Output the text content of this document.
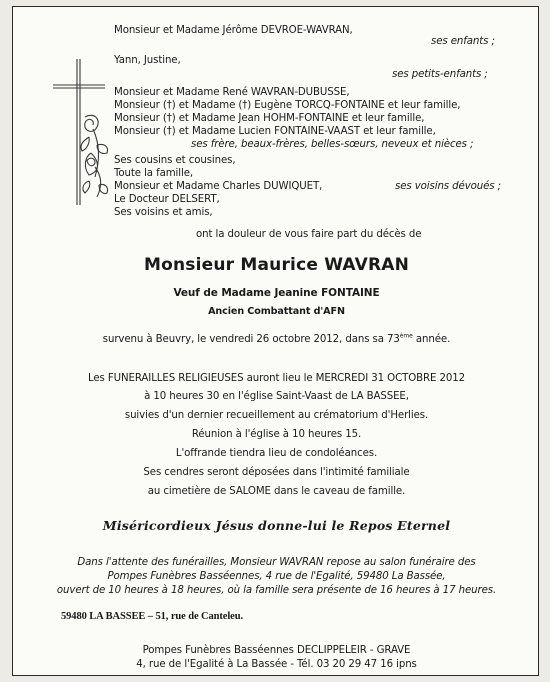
Monsieur et Madame Jérôme DEVROE-WAVRAN,
ses enfants ;
Yann, Justine,
ses petits-enfants ;
Monsieur et Madame René WAVRAN-DUBUSSE,
Monsieur (†) et Madame (†) Eugène TORCQ-FONTAINE et leur famille,
Monsieur (†) et Madame Jean HOHM-FONTAINE et leur famille,
Monsieur (†) et Madame Lucien FONTAINE-VAAST et leur famille,
ses frère, beaux-frères, belles-sœurs, neveux et nièces ;
Ses cousins et cousines,
Toute la famille,
Monsieur et Madame Charles DUWIQUET,	ses voisins dévoués ;
Le Docteur DELSERT,
Ses voisins et amis,
ont la douleur de vous faire part du décès de
Monsieur Maurice WAVRAN
Veuf de Madame Jeanine FONTAINE
Ancien Combattant d'AFN
survenu à Beuvry, le vendredi 26 octobre 2012, dans sa 73ème année.
Les FUNERAILLES RELIGIEUSES auront lieu le MERCREDI 31 OCTOBRE 2012
à 10 heures 30 en l'église Saint-Vaast de LA BASSEE,
suivies d'un dernier recueillement au crématorium d'Herlies.
Réunion à l'église à 10 heures 15.
L'offrande tiendra lieu de condoléances.
Ses cendres seront déposées dans l'intimité familiale
au cimetière de SALOME dans le caveau de famille.
Miséricordieux Jésus donne-lui le Repos Eternel
Dans l'attente des funérailles, Monsieur WAVRAN repose au salon funéraire des
Pompes Funèbres Basséennes, 4 rue de l'Egalité, 59480 La Bassée,
ouvert de 10 heures à 18 heures, où la famille sera présente de 16 heures à 17 heures.
59480 LA BASSEE – 51, rue de Canteleu.
Pompes Funèbres Basséennes DECLIPPELEIR - GRAVE
4, rue de l'Egalité à La Bassée - Tél. 03 20 29 47 16 ipns
